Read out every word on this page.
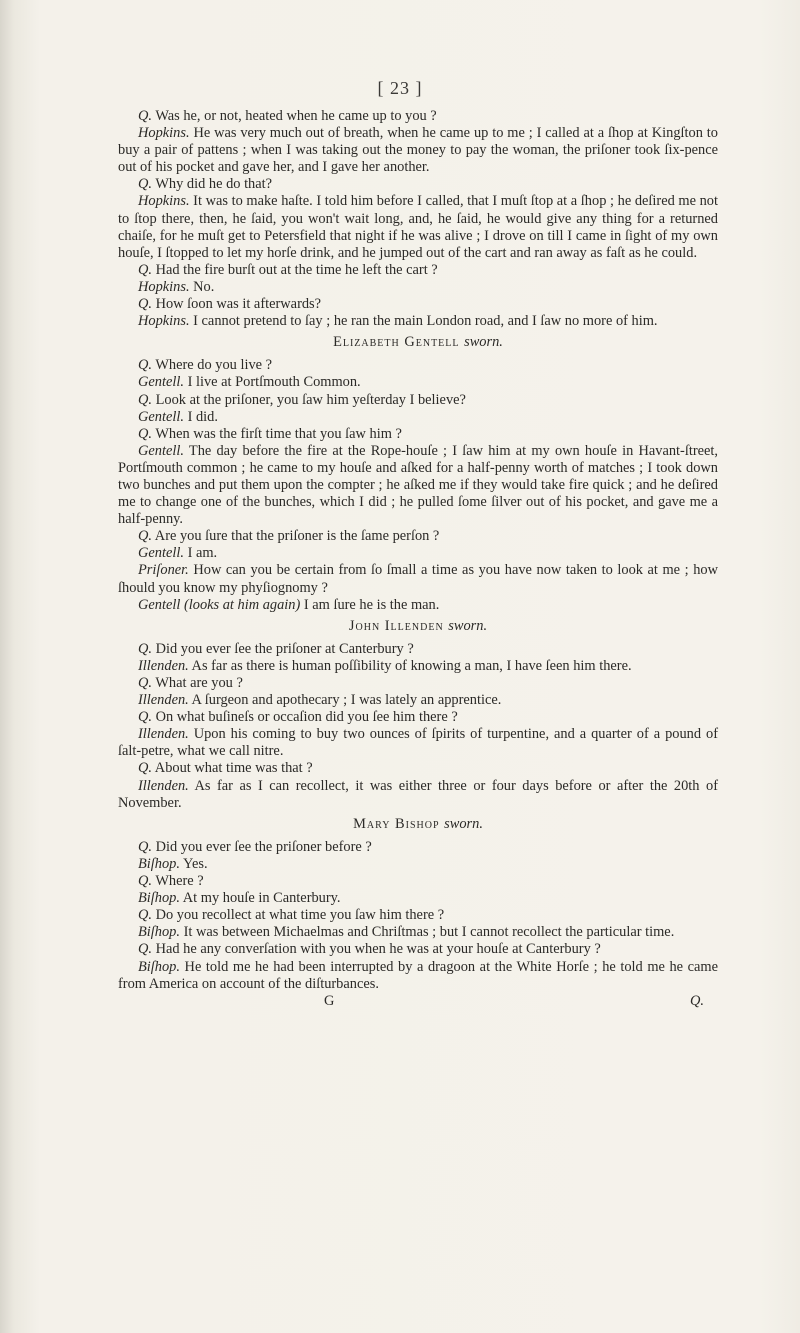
[ 23 ]

Q. Was he, or not, heated when he came up to you ?

Hopkins. He was very much out of breath, when he came up to me ; I called at a ſhop at Kingſton to buy a pair of pattens ; when I was taking out the money to pay the woman, the priſoner took ſix-pence out of his pocket and gave her, and I gave her another.

Q. Why did he do that?

Hopkins. It was to make haſte. I told him before I called, that I muſt ſtop at a ſhop ; he deſired me not to ſtop there, then, he ſaid, you won't wait long, and, he ſaid, he would give any thing for a returned chaiſe, for he muſt get to Petersfield that night if he was alive ; I drove on till I came in ſight of my own houſe, I ſtopped to let my horſe drink, and he jumped out of the cart and ran away as faſt as he could.

Q. Had the fire burſt out at the time he left the cart ?

Hopkins. No.

Q. How ſoon was it afterwards?

Hopkins. I cannot pretend to ſay ; he ran the main London road, and I ſaw no more of him.

Elizabeth Gentell sworn.

Q. Where do you live ?

Gentell. I live at Portſmouth Common.

Q. Look at the priſoner, you ſaw him yeſterday I believe?

Gentell. I did.

Q. When was the firſt time that you ſaw him ?

Gentell. The day before the fire at the Rope-houſe ; I ſaw him at my own houſe in Havant-ſtreet, Portſmouth common ; he came to my houſe and aſked for a half-penny worth of matches ; I took down two bunches and put them upon the compter ; he aſked me if they would take fire quick ; and he deſired me to change one of the bunches, which I did ; he pulled ſome ſilver out of his pocket, and gave me a half-penny.

Q. Are you ſure that the priſoner is the ſame perſon ?

Gentell. I am.

Priſoner. How can you be certain from ſo ſmall a time as you have now taken to look at me ; how ſhould you know my phyſiognomy ?

Gentell (looks at him again) I am ſure he is the man.

John Illenden sworn.

Q. Did you ever ſee the priſoner at Canterbury ?

Illenden. As far as there is human poſſibility of knowing a man, I have ſeen him there.

Q. What are you ?

Illenden. A ſurgeon and apothecary ; I was lately an apprentice.

Q. On what buſineſs or occaſion did you ſee him there ?

Illenden. Upon his coming to buy two ounces of ſpirits of turpentine, and a quarter of a pound of ſalt-petre, what we call nitre.

Q. About what time was that ?

Illenden. As far as I can recollect, it was either three or four days before or after the 20th of November.

Mary Bishop sworn.

Q. Did you ever ſee the priſoner before ?

Biſhop. Yes.

Q. Where ?

Biſhop. At my houſe in Canterbury.

Q. Do you recollect at what time you ſaw him there ?

Biſhop. It was between Michaelmas and Chriſtmas ; but I cannot recollect the particular time.

Q. Had he any converſation with you when he was at your houſe at Canterbury ?

Biſhop. He told me he had been interrupted by a dragoon at the White Horſe ; he told me he came from America on account of the diſturbances.

G	Q.
